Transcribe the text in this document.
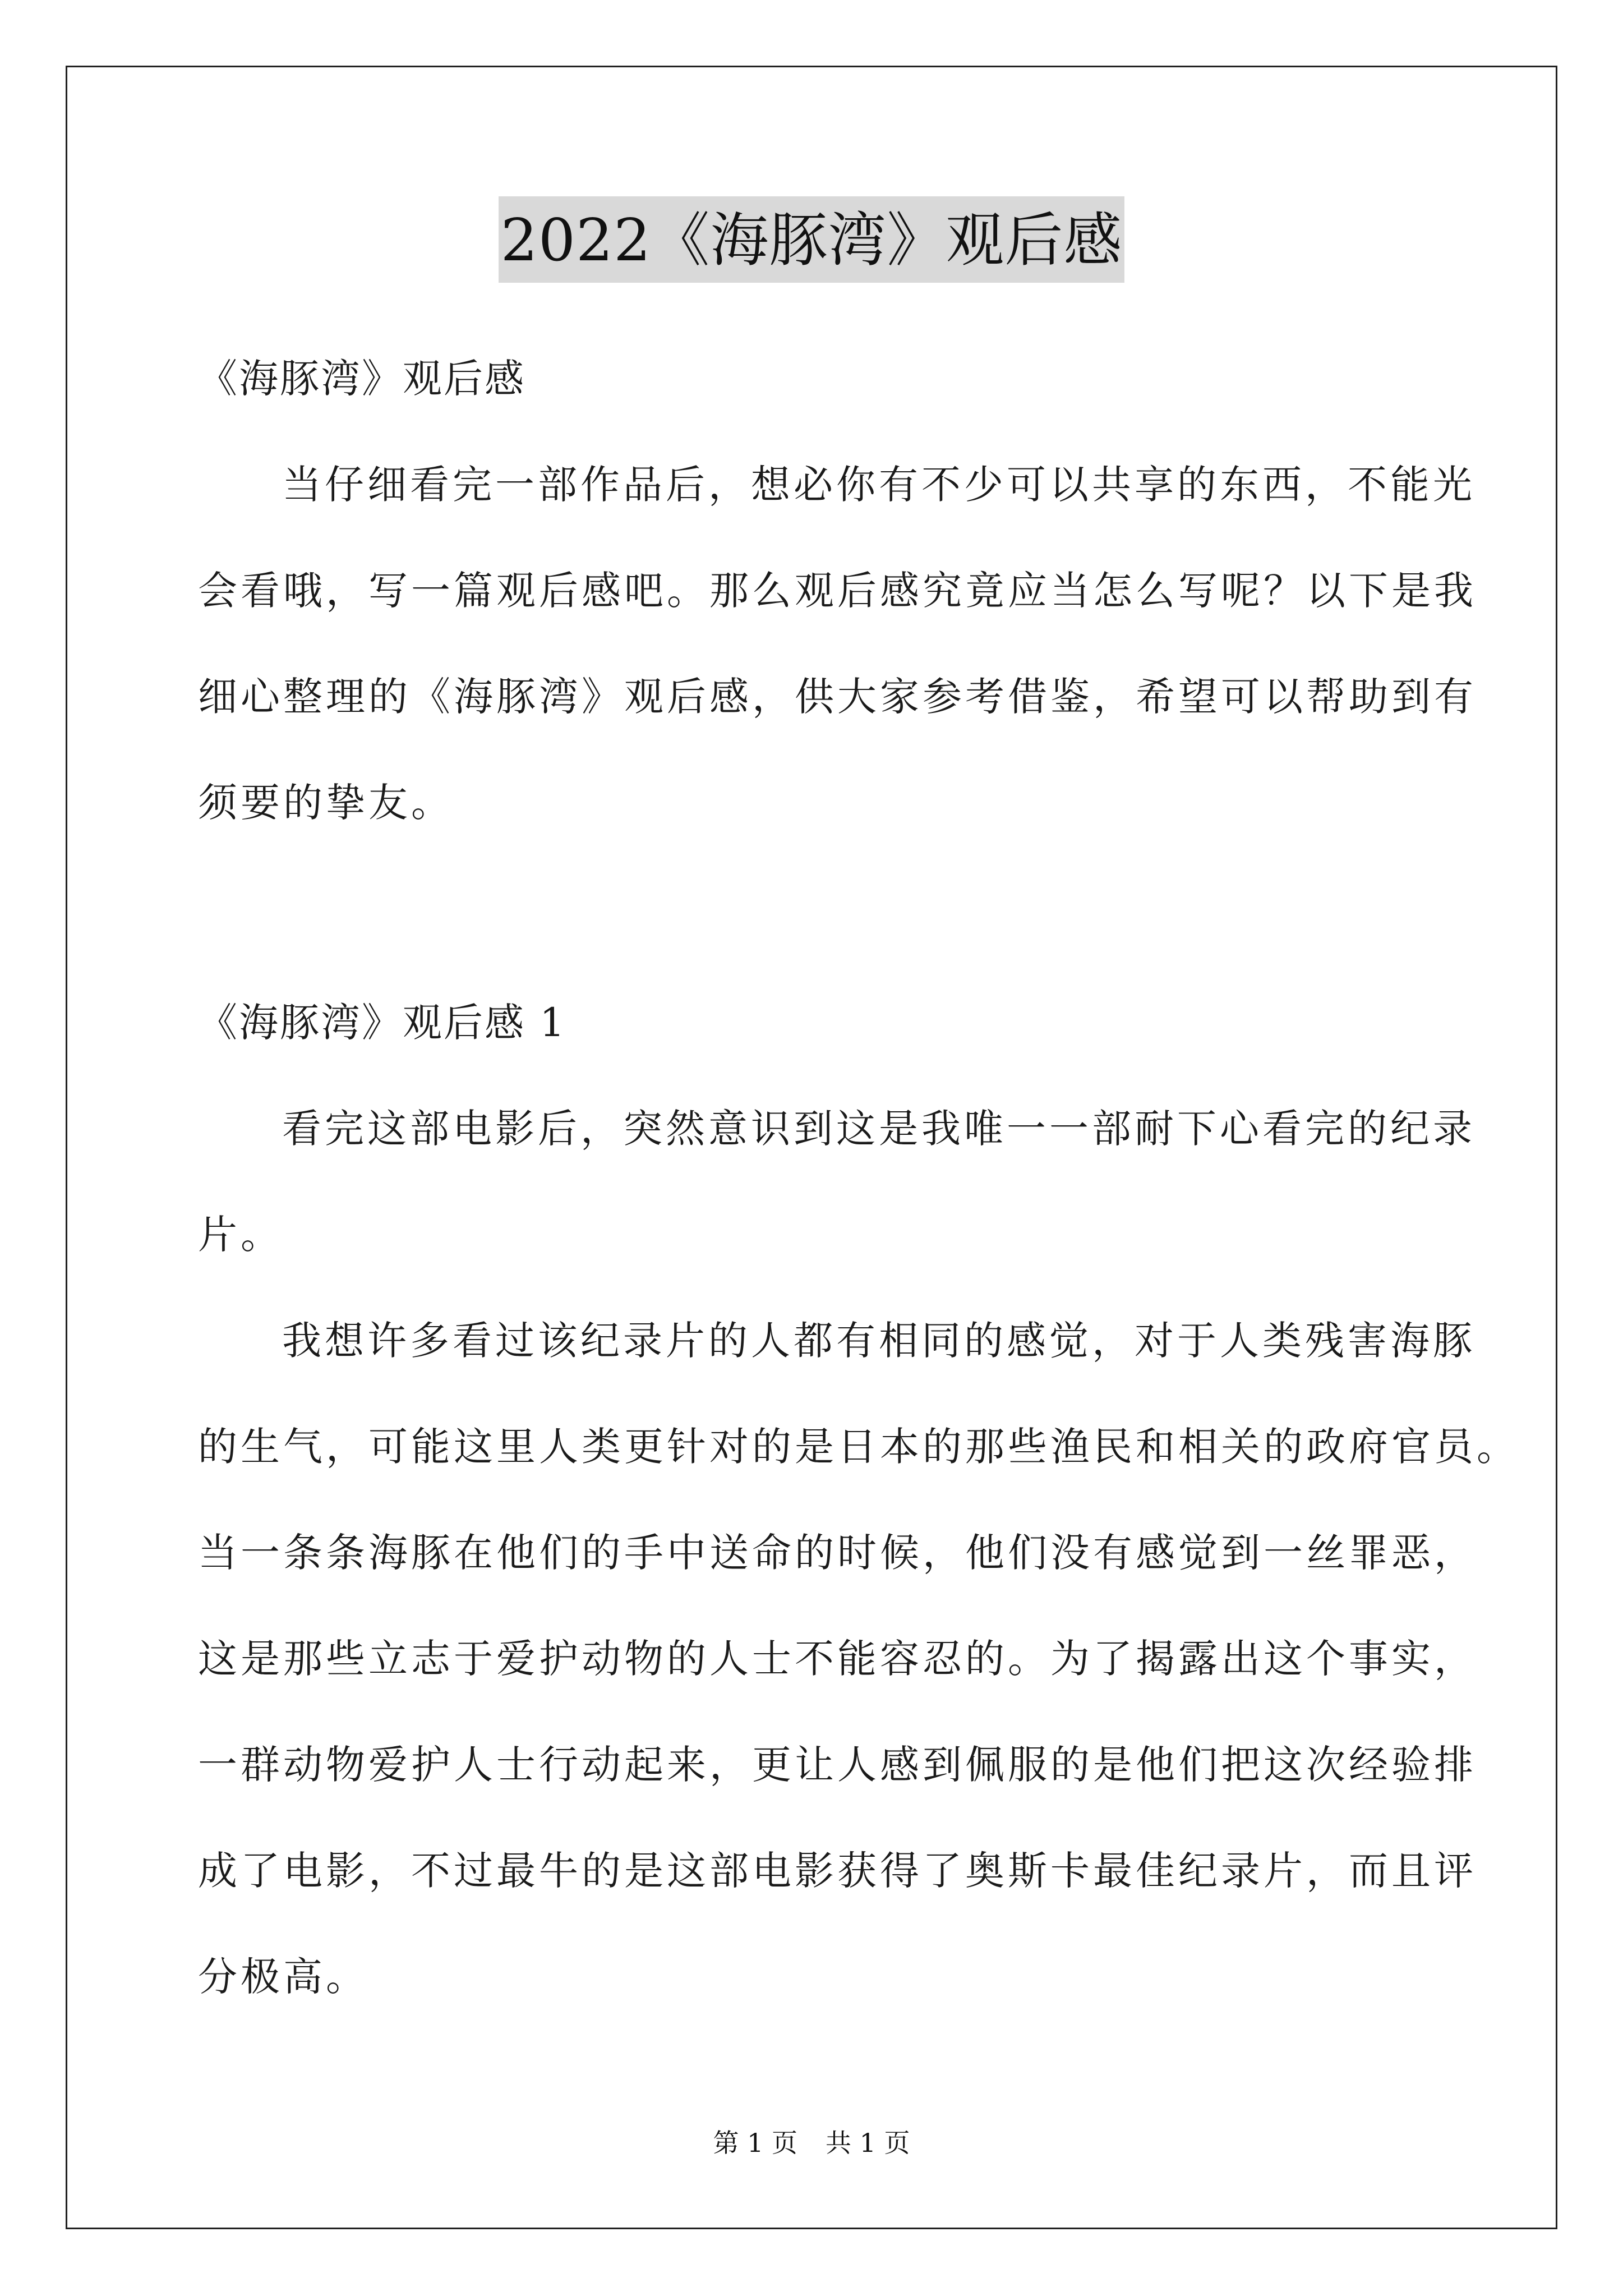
2022《海豚湾》观后感
《海豚湾》观后感
当仔细看完一部作品后，想必你有不少可以共享的东西，不能光
会看哦，写一篇观后感吧。那么观后感究竟应当怎么写呢？以下是我
细心整理的《海豚湾》观后感，供大家参考借鉴，希望可以帮助到有
须要的挚友。
《海豚湾》观后感 1
看完这部电影后，突然意识到这是我唯一一部耐下心看完的纪录
片。
我想许多看过该纪录片的人都有相同的感觉，对于人类残害海豚
的生气，可能这里人类更针对的是日本的那些渔民和相关的政府官员。
当一条条海豚在他们的手中送命的时候，他们没有感觉到一丝罪恶，
这是那些立志于爱护动物的人士不能容忍的。为了揭露出这个事实，
一群动物爱护人士行动起来，更让人感到佩服的是他们把这次经验排
成了电影，不过最牛的是这部电影获得了奥斯卡最佳纪录片，而且评
分极高。
第 1 页 共 1 页
